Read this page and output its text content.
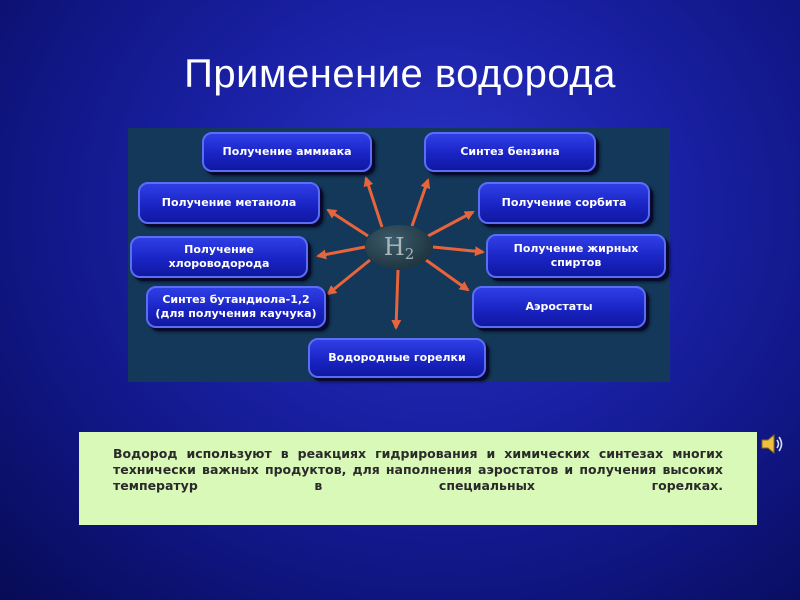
Применение водорода
H 2
Получение аммиака	Синтез бензина
Получение метанола	Получение сорбита
Получение
хлороводорода
Получение жирных
спиртов
Синтез бутандиола-1,2
(для получения каучука)
Аэростаты
Водородные горелки
Водород используют в реакциях гидрирования и химических синтезах многих технически важных продуктов, для наполнения аэростатов и получения высоких температур в специальных горелках.
